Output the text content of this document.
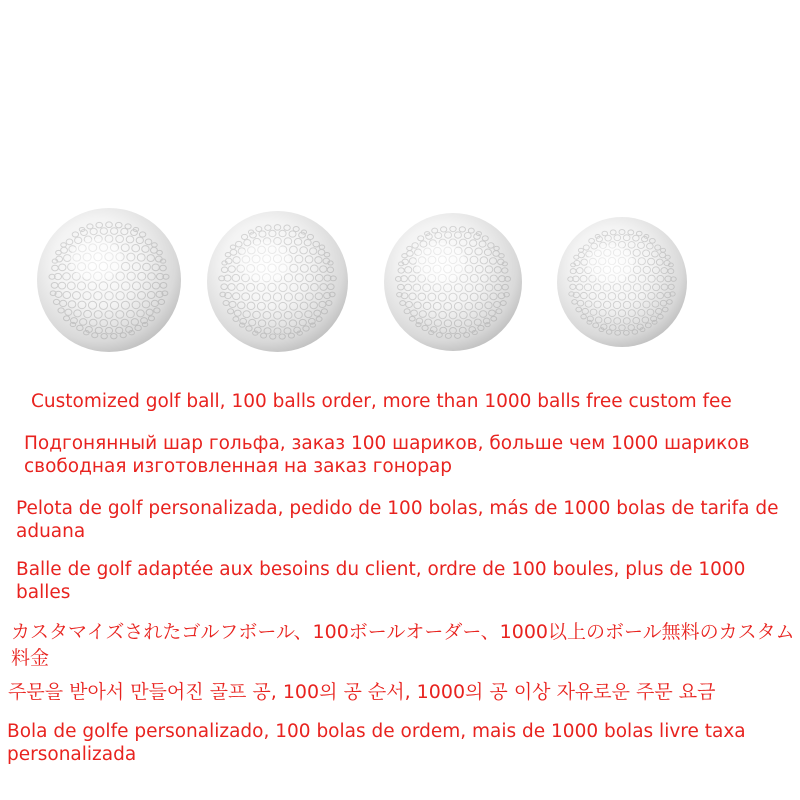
Customized golf ball, 100 balls order, more than 1000 balls free custom fee
Подгонянный шар гольфа, заказ 100 шариков, больше чем 1000 шариков свободная изготовленная на заказ гонорар
Pelota de golf personalizada, pedido de 100 bolas, más de 1000 bolas de tarifa de aduana
Balle de golf adaptée aux besoins du client, ordre de 100 boules, plus de 1000 balles
カスタマイズされたゴルフボール、100ボールオーダー、1000以上のボール無料のカスタム料金
주문을 받아서 만들어진 골프 공, 100의 공 순서, 1000의 공 이상 자유로운 주문 요금
Bola de golfe personalizado, 100 bolas de ordem, mais de 1000 bolas livre taxa personalizada
